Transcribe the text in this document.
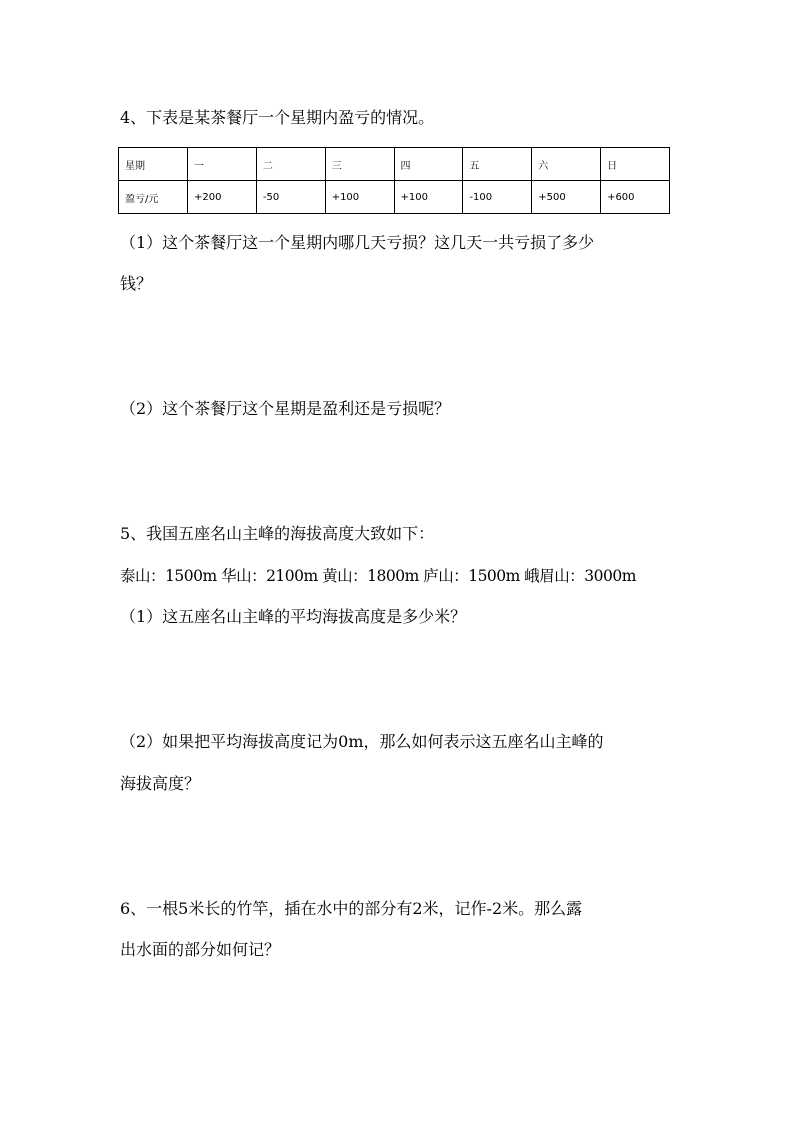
4、下表是某茶餐厅一个星期内盈亏的情况。
星期	一	二	三	四	五	六	日
盈亏/元	+200	-50	+100	+100	-100	+500	+600
（1）这个茶餐厅这一个星期内哪几天亏损？这几天一共亏损了多少
钱？
（2）这个茶餐厅这个星期是盈利还是亏损呢？
5、我国五座名山主峰的海拔高度大致如下：
泰山：1500m 华山：2100m 黄山：1800m 庐山：1500m 峨眉山：3000m
（1）这五座名山主峰的平均海拔高度是多少米？
（2）如果把平均海拔高度记为0m，那么如何表示这五座名山主峰的
海拔高度？
6、一根5米长的竹竿，插在水中的部分有2米，记作-2米。那么露
出水面的部分如何记？
